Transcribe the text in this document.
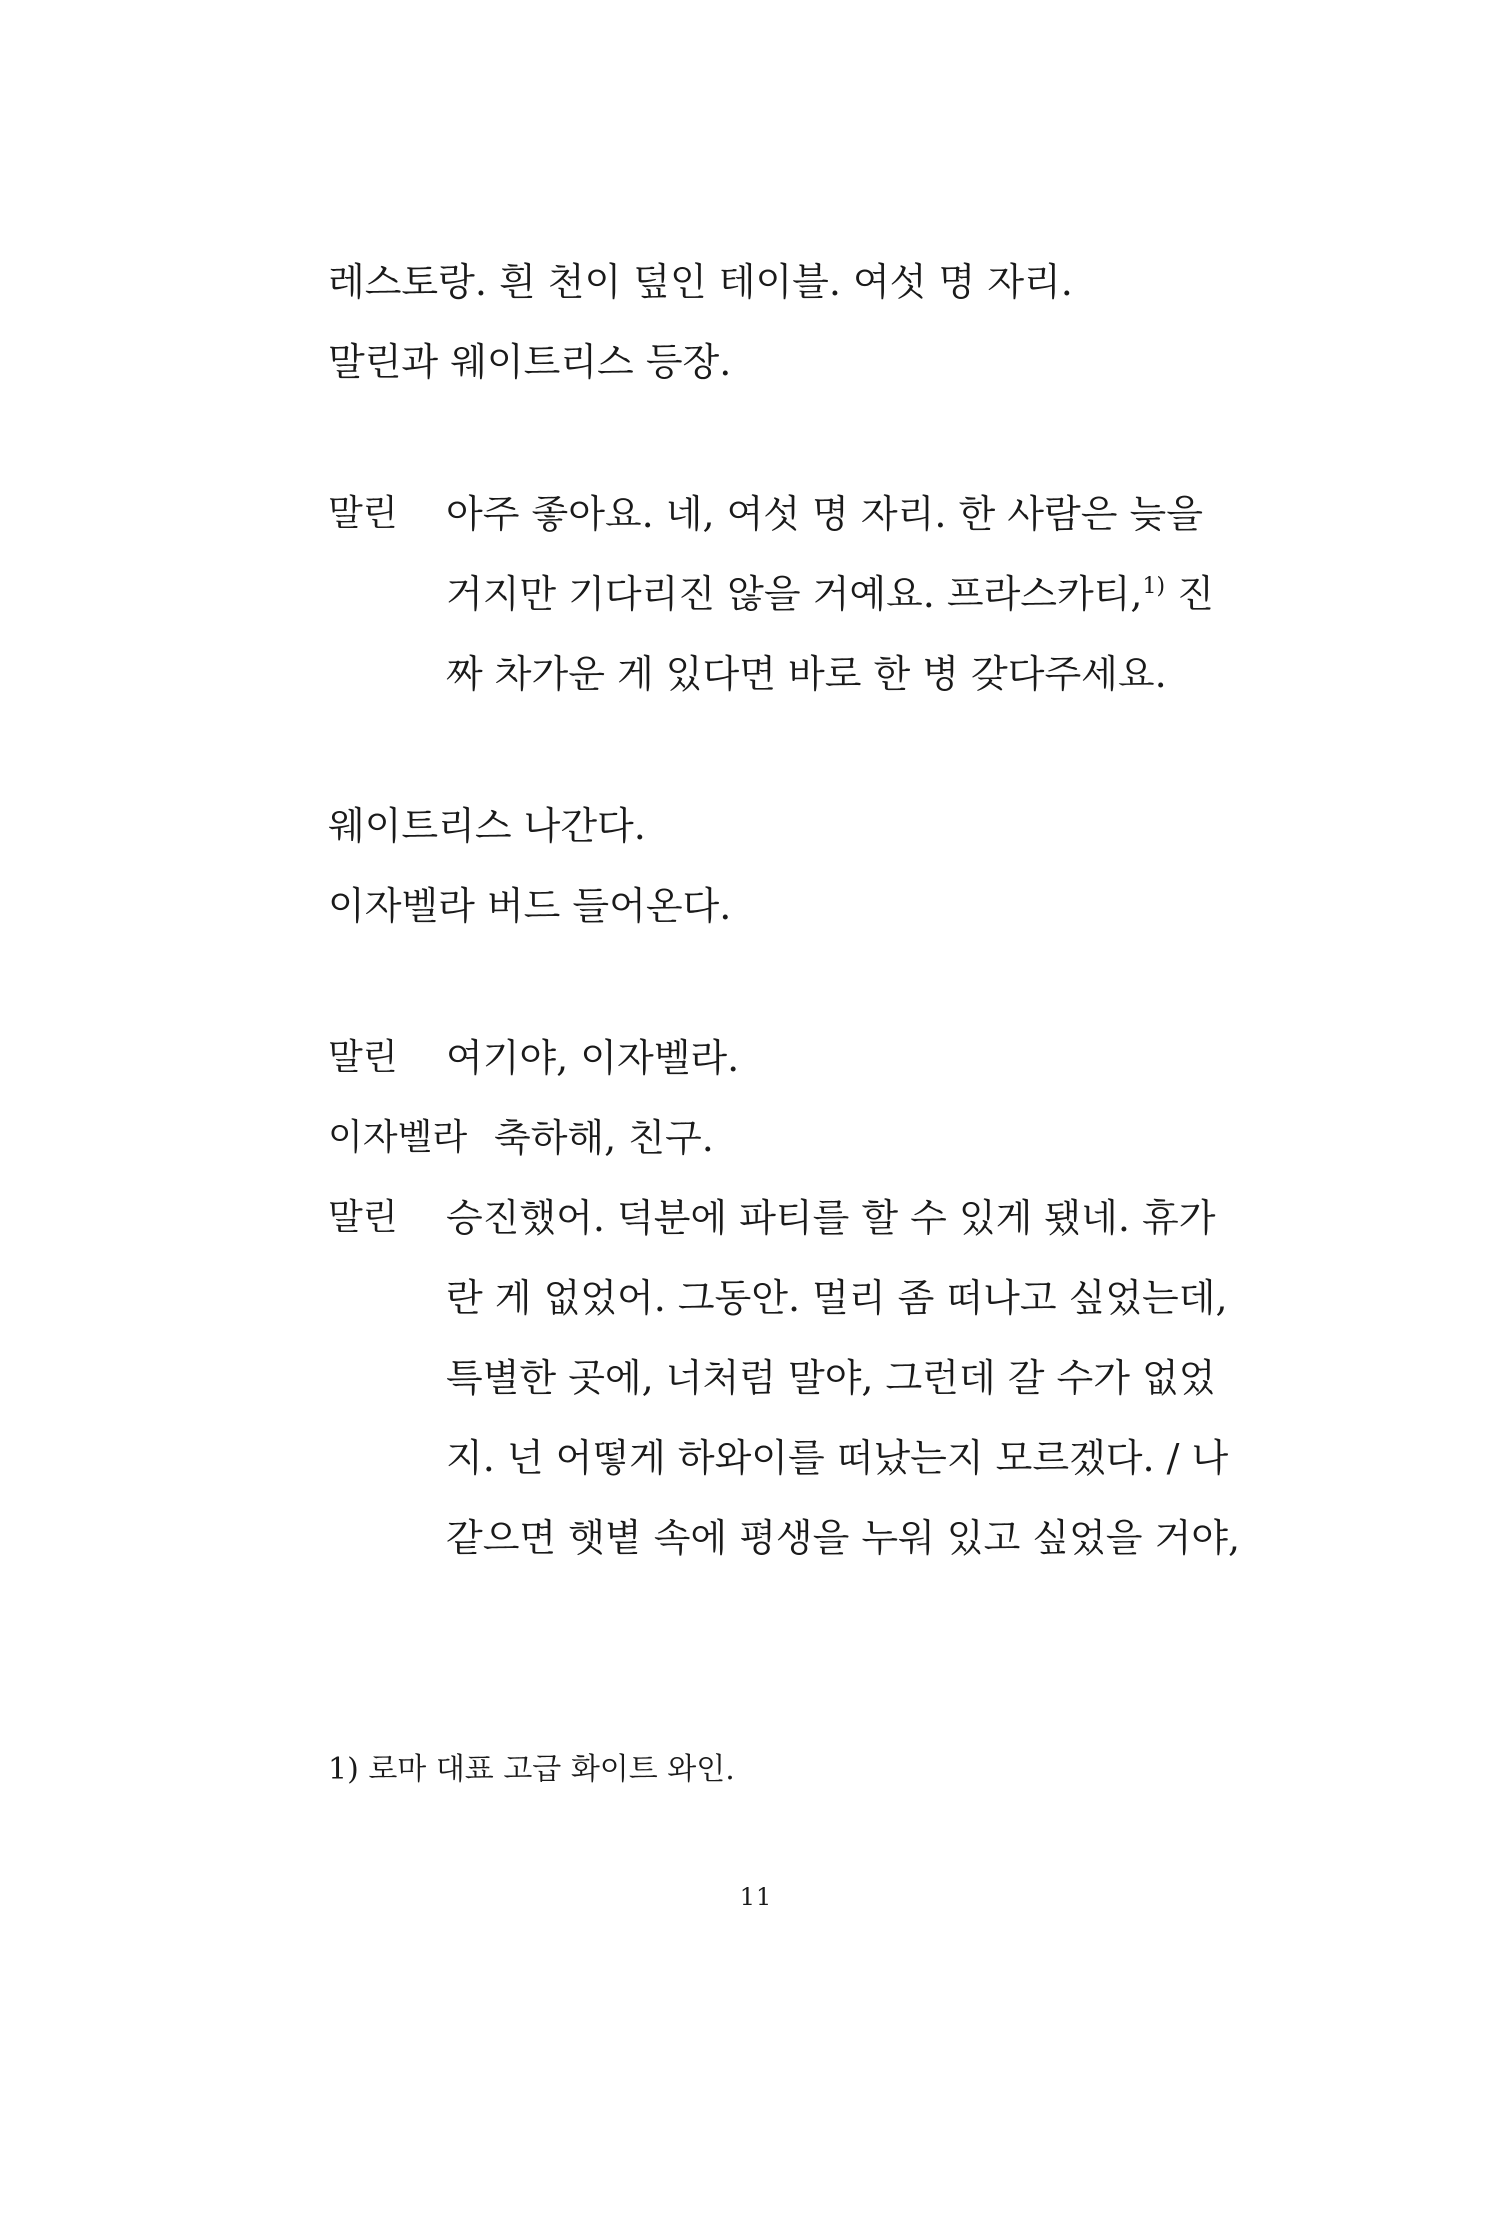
레스토랑. 흰 천이 덮인 테이블. 여섯 명 자리.
말린과 웨이트리스 등장.
말린 아주 좋아요. 네, 여섯 명 자리. 한 사람은 늦을
거지만 기다리진 않을 거예요. 프라스카티,$^{1)}$ 진
짜 차가운 게 있다면 바로 한 병 갖다주세요.
웨이트리스 나간다.
이자벨라 버드 들어온다.
말린 여기야, 이자벨라.
이자벨라 축하해, 친구.
말린 승진했어. 덕분에 파티를 할 수 있게 됐네. 휴가
란 게 없었어. 그동안. 멀리 좀 떠나고 싶었는데,
특별한 곳에, 너처럼 말야, 그런데 갈 수가 없었
지. 넌 어떻게 하와이를 떠났는지 모르겠다. / 나
같으면 햇볕 속에 평생을 누워 있고 싶었을 거야,
1) 로마 대표 고급 화이트 와인.
11
